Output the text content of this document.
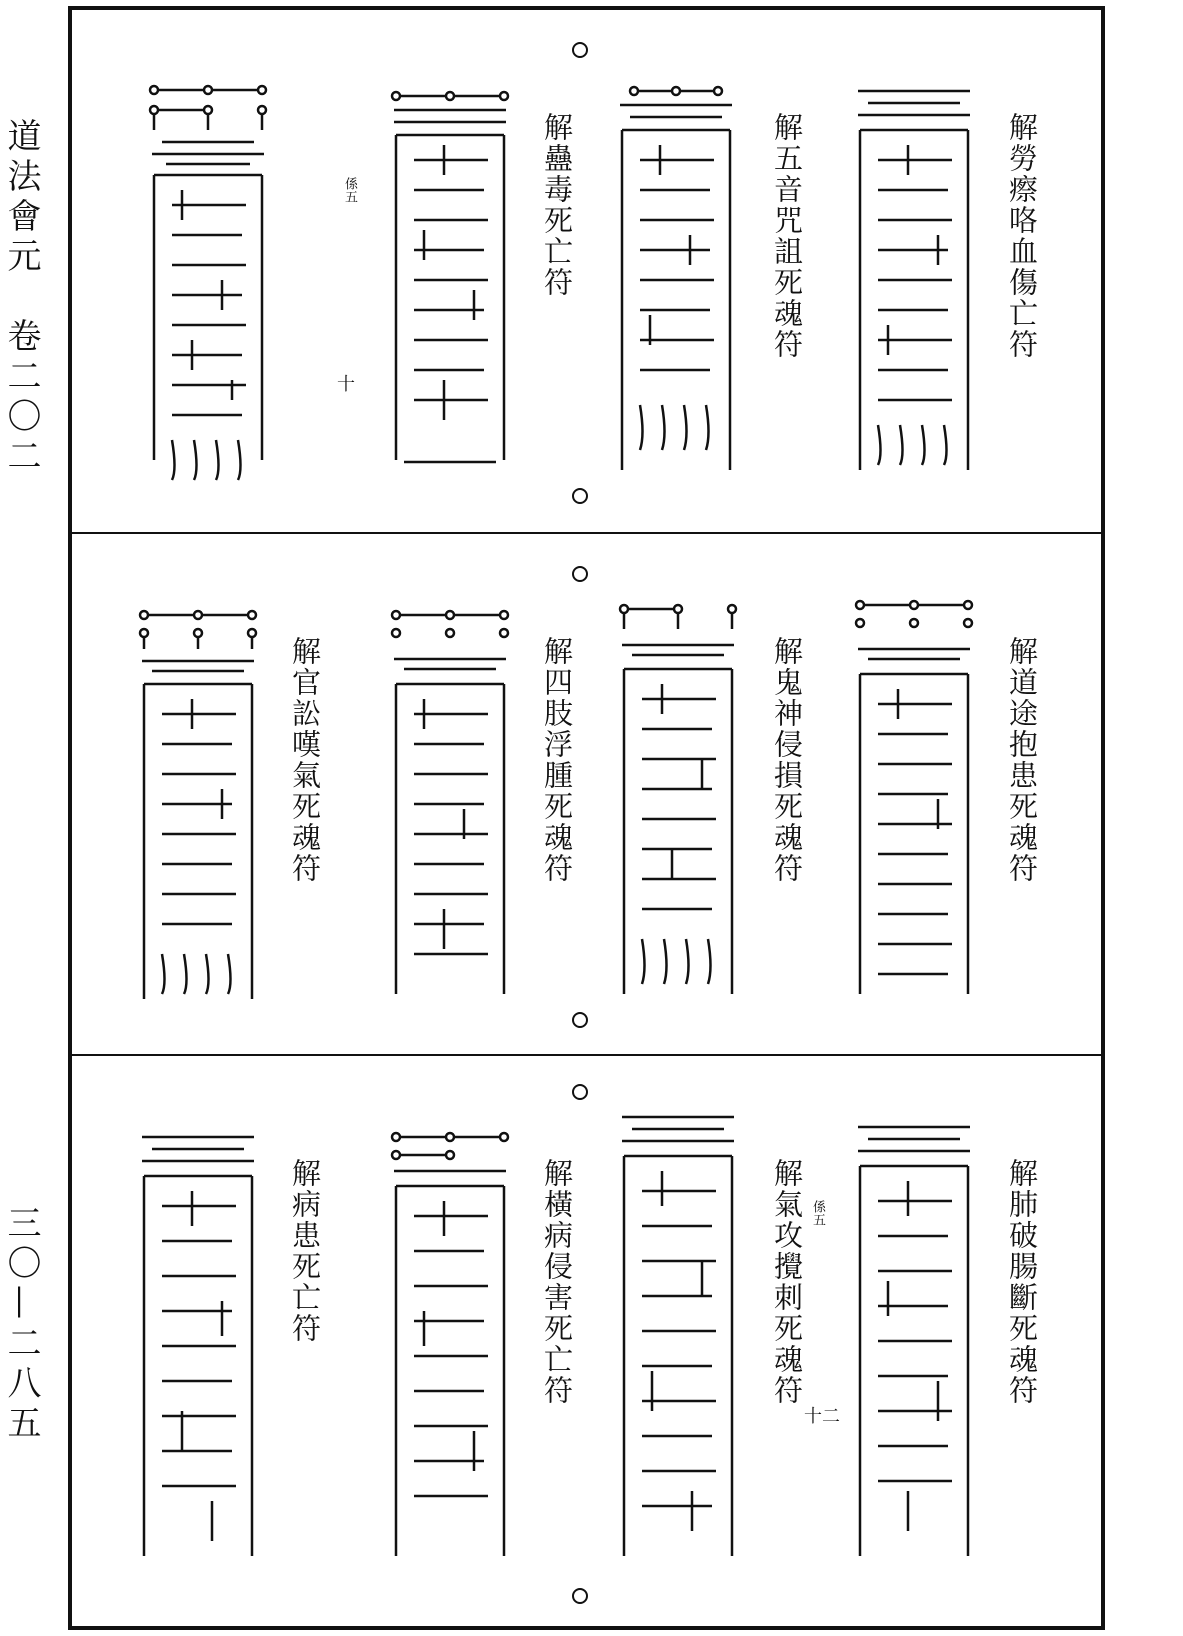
道法會元　卷二〇二
三〇—二八五
解蠱毒死亡符	解五音咒詛死魂符	解勞瘵咯血傷亡符
解官訟嘆氣死魂符	解四肢浮腫死魂符	解鬼神侵損死魂符	解道途抱患死魂符
解病患死亡符	解橫病侵害死亡符	解氣攻攪刺死魂符	解肺破腸斷死魂符
係五
十
係五
十二
